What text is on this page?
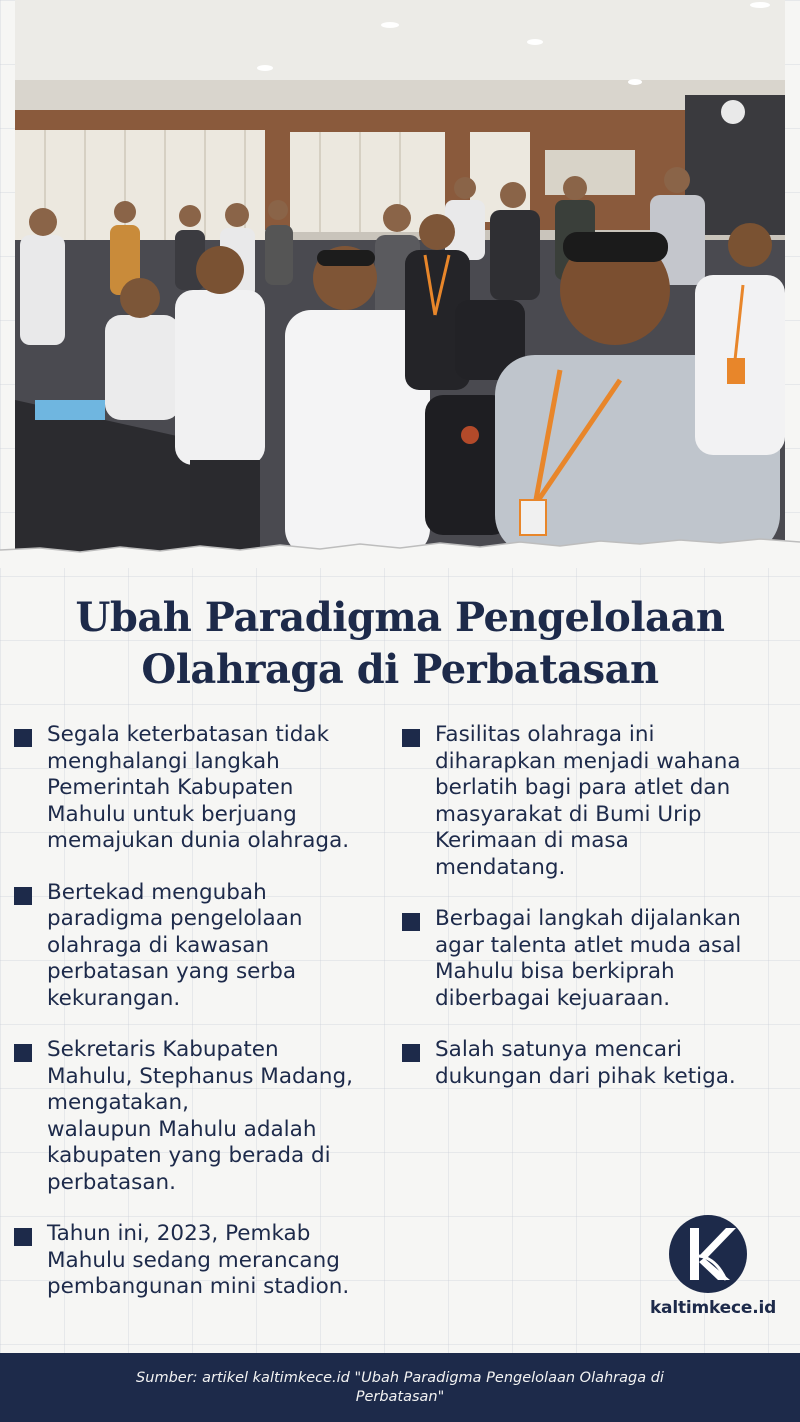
Ubah Paradigma Pengelolaan
Olahraga di Perbatasan
Segala keterbatasan tidak
menghalangi langkah
Pemerintah Kabupaten
Mahulu untuk berjuang
memajukan dunia olahraga.
Bertekad mengubah
paradigma pengelolaan
olahraga di kawasan
perbatasan yang serba
kekurangan.
Sekretaris Kabupaten
Mahulu, Stephanus Madang,
mengatakan,
walaupun Mahulu adalah
kabupaten yang berada di
perbatasan.
Tahun ini, 2023, Pemkab
Mahulu sedang merancang
pembangunan mini stadion.
Fasilitas olahraga ini
diharapkan menjadi wahana
berlatih bagi para atlet dan
masyarakat di Bumi Urip
Kerimaan di masa
mendatang.
Berbagai langkah dijalankan
agar talenta atlet muda asal
Mahulu bisa berkiprah
diberbagai kejuaraan.
Salah satunya mencari
dukungan dari pihak ketiga.
kaltimkece.id
Sumber: artikel kaltimkece.id "Ubah Paradigma Pengelolaan Olahraga di Perbatasan"
